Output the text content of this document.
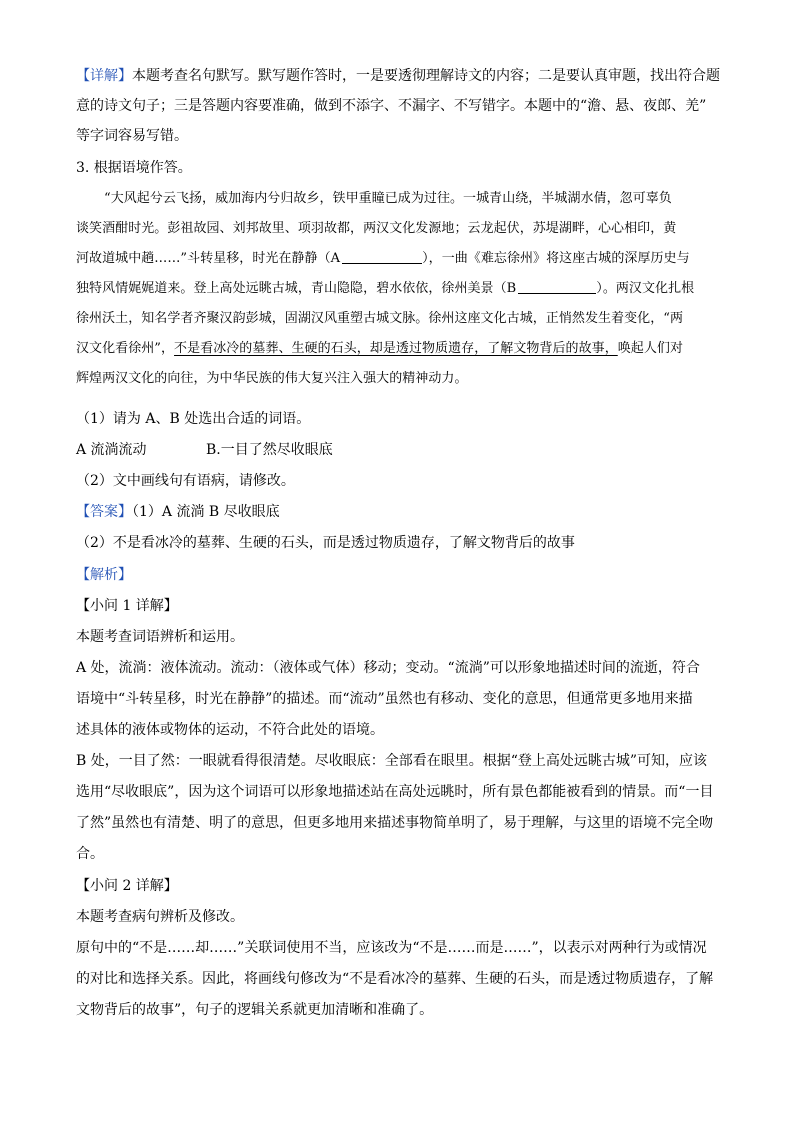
【详解】本题考查名句默写。默写题作答时，一是要透彻理解诗文的内容；二是要认真审题，找出符合题
意的诗文句子；三是答题内容要准确，做到不添字、不漏字、不写错字。本题中的“澹、悬、夜郎、羌”
等字词容易写错。
3. 根据语境作答。
“大风起兮云飞扬，威加海内兮归故乡，铁甲重瞳已成为过往。一城青山绕，半城湖水倩，忽可辜负
谈笑酒酣时光。彭祖故园、刘邦故里、项羽故都，两汉文化发源地；云龙起伏，苏堤湖畔，心心相印，黄
河故道城中趟……”斗转星移，时光在静静（A	），一曲《难忘徐州》将这座古城的深厚历史与
独特风情娓娓道来。登上高处远眺古城，青山隐隐，碧水依依，徐州美景（B	）。两汉文化扎根
徐州沃土，知名学者齐聚汉韵彭城，固湖汉风重塑古城文脉。徐州这座文化古城，正悄然发生着变化，“两
汉文化看徐州”，不是看冰冷的墓葬、生硬的石头，却是透过物质遗存，了解文物背后的故事，唤起人们对
辉煌两汉文化的向往，为中华民族的伟大复兴注入强大的精神动力。
（1）请为 A、B 处选出合适的词语。
A 流淌流动	B.一目了然尽收眼底
（2）文中画线句有语病，请修改。
【答案】（1）A 流淌 B 尽收眼底
（2）不是看冰冷的墓葬、生硬的石头，而是透过物质遗存，了解文物背后的故事
【解析】
【小问 1 详解】
本题考查词语辨析和运用。
A 处，流淌：液体流动。流动：（液体或气体）移动；变动。“流淌”可以形象地描述时间的流逝，符合
语境中“斗转星移，时光在静静”的描述。而“流动”虽然也有移动、变化的意思，但通常更多地用来描
述具体的液体或物体的运动，不符合此处的语境。
B 处，一目了然：一眼就看得很清楚。尽收眼底：全部看在眼里。根据“登上高处远眺古城”可知，应该
选用“尽收眼底”，因为这个词语可以形象地描述站在高处远眺时，所有景色都能被看到的情景。而“一目
了然”虽然也有清楚、明了的意思，但更多地用来描述事物简单明了，易于理解，与这里的语境不完全吻
合。
【小问 2 详解】
本题考查病句辨析及修改。
原句中的“不是……却……”关联词使用不当，应该改为“不是……而是……”，以表示对两种行为或情况
的对比和选择关系。因此，将画线句修改为“不是看冰冷的墓葬、生硬的石头，而是透过物质遗存，了解
文物背后的故事”，句子的逻辑关系就更加清晰和准确了。
